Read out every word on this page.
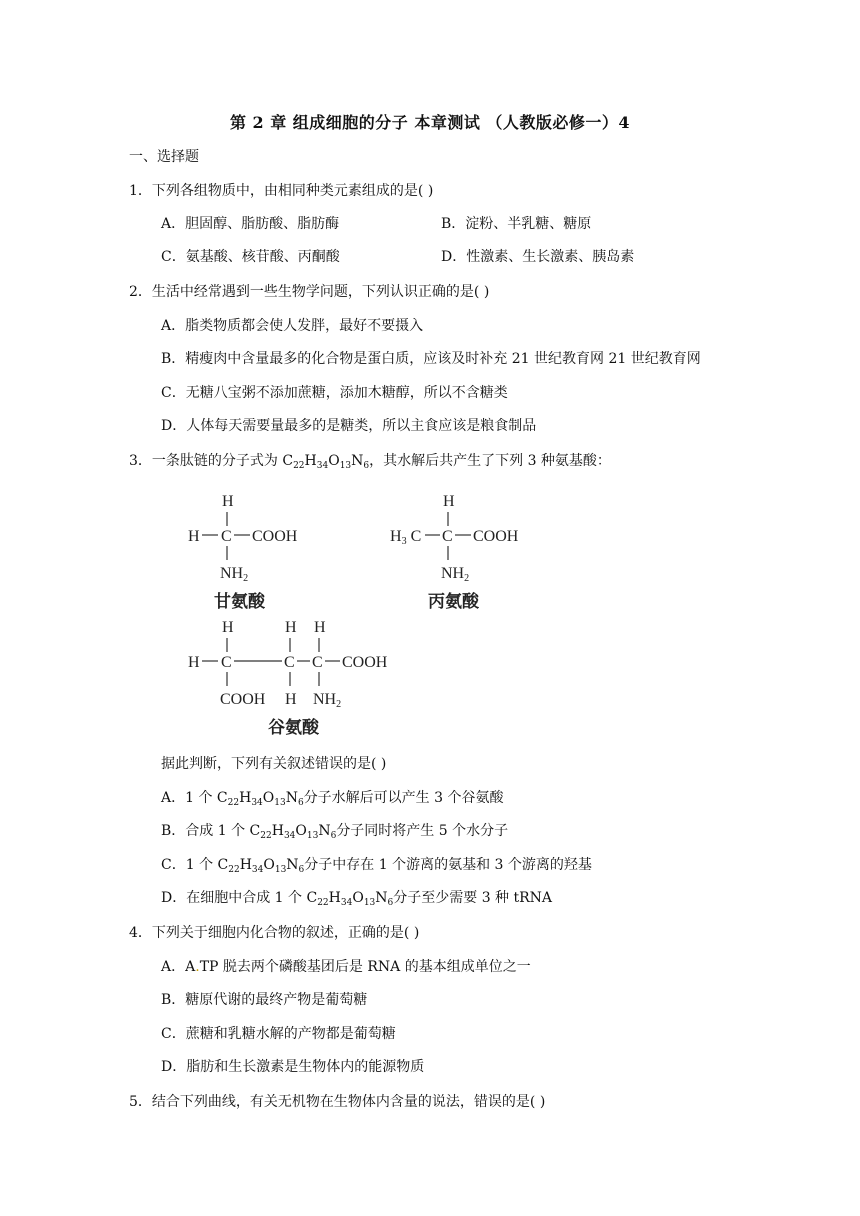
第 2 章 组成细胞的分子 本章测试 （人教版必修一）4
一、选择题
1．下列各组物质中，由相同种类元素组成的是( )
A．胆固醇、脂肪酸、脂肪酶	B．淀粉、半乳糖、糖原
C．氨基酸、核苷酸、丙酮酸	D．性激素、生长激素、胰岛素
2．生活中经常遇到一些生物学问题，下列认识正确的是( )
A．脂类物质都会使人发胖，最好不要摄入
B．精瘦肉中含量最多的化合物是蛋白质，应该及时补充 21 世纪教育网 21 世纪教育网
C．无糖八宝粥不添加蔗糖，添加木糖醇，所以不含糖类
D．人体每天需要量最多的是糖类，所以主食应该是粮食制品
3．一条肽链的分子式为 $C_{22}H_{34}O_{13}N_6$，其水解后共产生了下列 3 种氨基酸：
H
H C COOH
NH2
甘氨酸
H
H3 C C COOH
NH2
丙氨酸
H	H H
H C	C C COOH
COOH H NH2
谷氨酸
据此判断，下列有关叙述错误的是( )
A．1 个 $C_{22}H_{34}O_{13}N_6$分子水解后可以产生 3 个谷氨酸
B．合成 1 个 $C_{22}H_{34}O_{13}N_6$分子同时将产生 5 个水分子
C．1 个 $C_{22}H_{34}O_{13}N_6$分子中存在 1 个游离的氨基和 3 个游离的羟基
D．在细胞中合成 1 个 $C_{22}H_{34}O_{13}N_6$分子至少需要 3 种 tRNA
4．下列关于细胞内化合物的叙述，正确的是( )
A．A.TP 脱去两个磷酸基团后是 RNA 的基本组成单位之一
B．糖原代谢的最终产物是葡萄糖
C．蔗糖和乳糖水解的产物都是葡萄糖
D．脂肪和生长激素是生物体内的能源物质
5．结合下列曲线，有关无机物在生物体内含量的说法，错误的是( )
